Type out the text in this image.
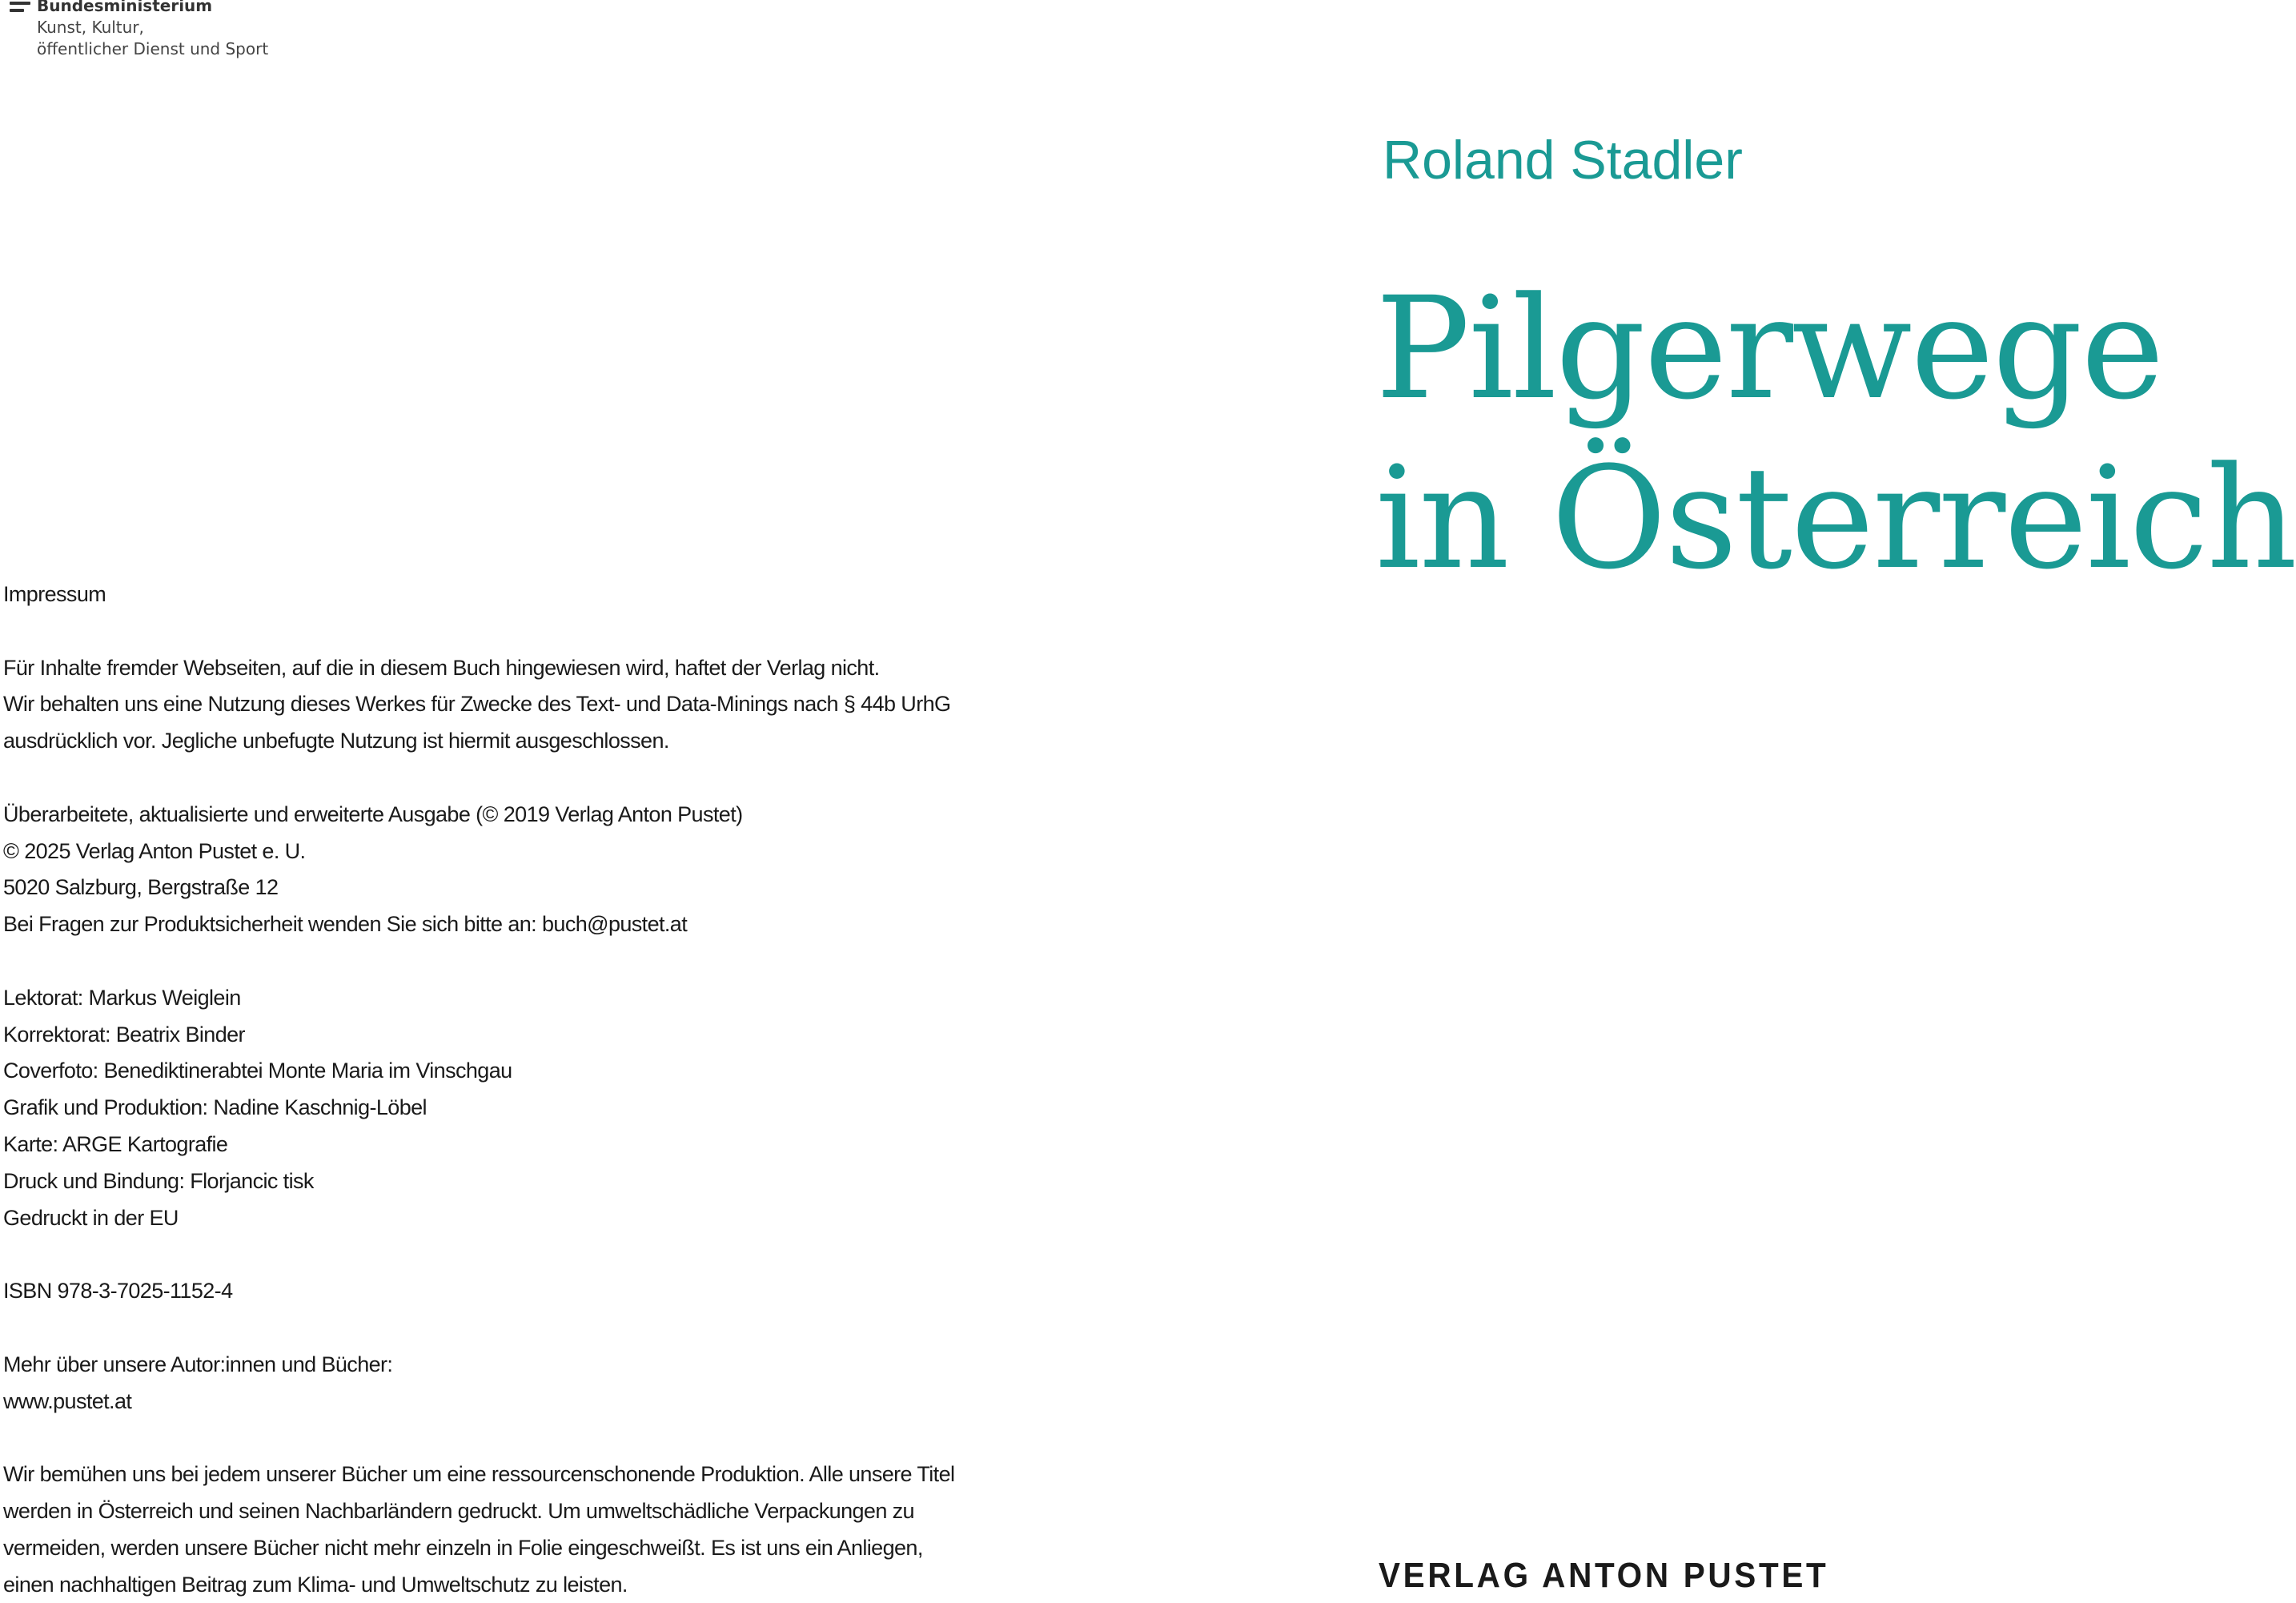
Bundesministerium
Kunst, Kultur,
öffentlicher Dienst und Sport
Roland Stadler
Pilgerwege
in Österreich
Impressum
Für Inhalte fremder Webseiten, auf die in diesem Buch hingewiesen wird, haftet der Verlag nicht.
Wir behalten uns eine Nutzung dieses Werkes für Zwecke des Text- und Data-Minings nach § 44b UrhG
ausdrücklich vor. Jegliche unbefugte Nutzung ist hiermit ausgeschlossen.
Überarbeitete, aktualisierte und erweiterte Ausgabe (© 2019 Verlag Anton Pustet)
© 2025 Verlag Anton Pustet e. U.
5020 Salzburg, Bergstraße 12
Bei Fragen zur Produktsicherheit wenden Sie sich bitte an: buch@pustet.at
Lektorat: Markus Weiglein
Korrektorat: Beatrix Binder
Coverfoto: Benediktinerabtei Monte Maria im Vinschgau
Grafik und Produktion: Nadine Kaschnig-Löbel
Karte: ARGE Kartografie
Druck und Bindung: Florjancic tisk
Gedruckt in der EU
ISBN 978-3-7025-1152-4
Mehr über unsere Autor:innen und Bücher:
www.pustet.at
Wir bemühen uns bei jedem unserer Bücher um eine ressourcenschonende Produktion. Alle unsere Titel
werden in Österreich und seinen Nachbarländern gedruckt. Um umweltschädliche Verpackungen zu
vermeiden, werden unsere Bücher nicht mehr einzeln in Folie eingeschweißt. Es ist uns ein Anliegen,
einen nachhaltigen Beitrag zum Klima- und Umweltschutz zu leisten.	VERLAG ANTON PUSTET
